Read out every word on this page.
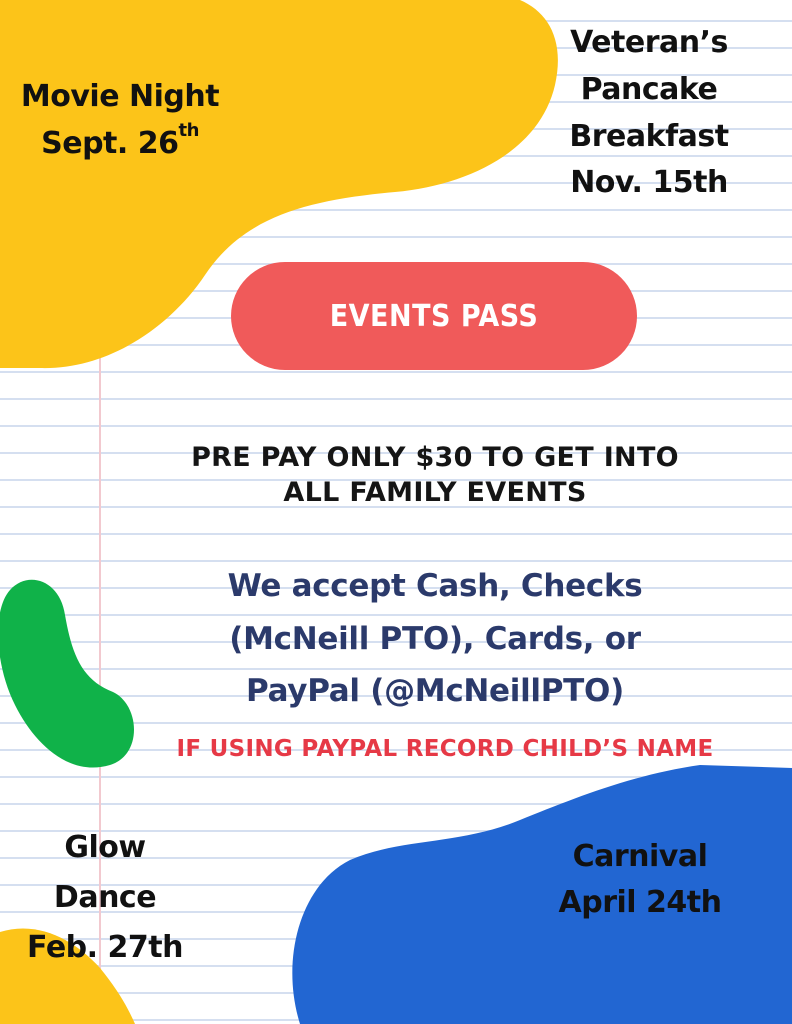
EVENTS PASS
Movie Night
Sept. 26th
Veteran’s
Pancake
Breakfast
Nov. 15th
PRE PAY ONLY $30 TO GET INTO
ALL FAMILY EVENTS
We accept Cash, Checks
(McNeill PTO), Cards, or
PayPal (@McNeillPTO)
IF USING PAYPAL RECORD CHILD’S NAME
Glow
Dance
Feb. 27th
Carnival
April 24th
